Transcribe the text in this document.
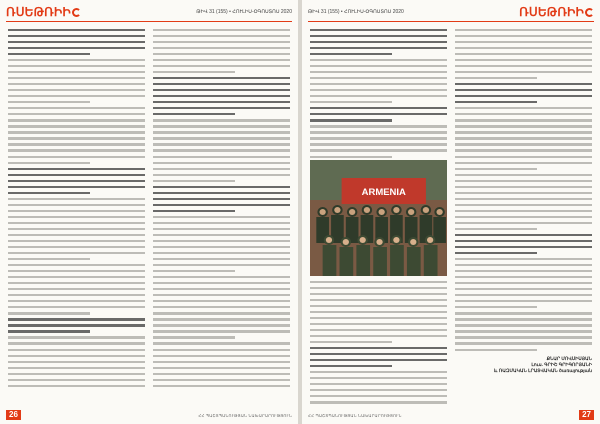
ՌՍԵԹՌԻԻ	ԹԻՎ 31 (155) • ՀՈՒԼԻՍ-ՕԳՈՍՏՈՍ 2020
26	ՀՀ ՊԱՇՏՊԱՆՈՒԹՅԱՆ ՆԱԽԱՐԱՐՈՒԹՅՈՒՆ
ԹԻՎ 31 (155) • ՀՈՒԼԻՍ-ՕԳՈՍՏՈՍ 2020	ՌՍԵԹՌԻԻ
ARMENIA
ՔՆԱՐ ՄՈՎՍԻՍՅԱՆ
Լուս. ԳՐԻՇ ԳՐԻԳՈՐՅԱՆԻ
և ՌԱԶՄԱԿԱՆ ԼՐԱՏՎԱԿԱՆ ծառայության
ՀՀ ՊԱՇՏՊԱՆՈՒԹՅԱՆ ՆԱԽԱՐԱՐՈՒԹՅՈՒՆ	27
